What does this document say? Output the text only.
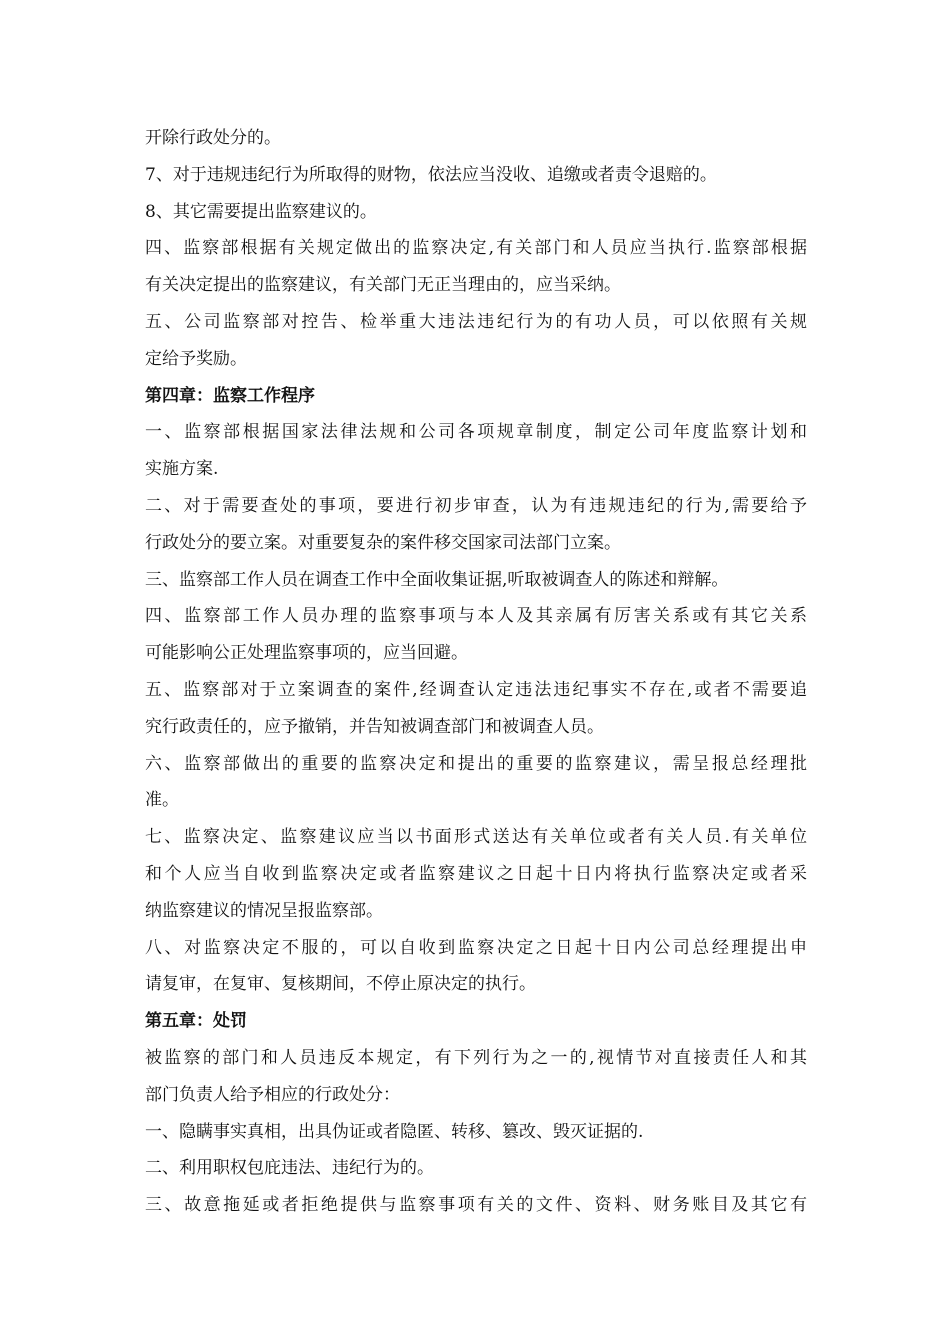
开除行政处分的。
7、对于违规违纪行为所取得的财物，依法应当没收、追缴或者责令退赔的。
8、其它需要提出监察建议的。
四、监察部根据有关规定做出的监察决定,有关部门和人员应当执行.监察部根据
有关决定提出的监察建议，有关部门无正当理由的，应当采纳。
五、公司监察部对控告、检举重大违法违纪行为的有功人员，可以依照有关规
定给予奖励。
第四章：监察工作程序
一、监察部根据国家法律法规和公司各项规章制度，制定公司年度监察计划和
实施方案.
二、对于需要查处的事项，要进行初步审查，认为有违规违纪的行为,需要给予
行政处分的要立案。对重要复杂的案件移交国家司法部门立案。
三、监察部工作人员在调查工作中全面收集证据,听取被调查人的陈述和辩解。
四、监察部工作人员办理的监察事项与本人及其亲属有厉害关系或有其它关系
可能影响公正处理监察事项的，应当回避。
五、监察部对于立案调查的案件,经调查认定违法违纪事实不存在,或者不需要追
究行政责任的，应予撤销，并告知被调查部门和被调查人员。
六、监察部做出的重要的监察决定和提出的重要的监察建议，需呈报总经理批
准。
七、监察决定、监察建议应当以书面形式送达有关单位或者有关人员.有关单位
和个人应当自收到监察决定或者监察建议之日起十日内将执行监察决定或者采
纳监察建议的情况呈报监察部。
八、对监察决定不服的，可以自收到监察决定之日起十日内公司总经理提出申
请复审，在复审、复核期间，不停止原决定的执行。
第五章：处罚
被监察的部门和人员违反本规定，有下列行为之一的,视情节对直接责任人和其
部门负责人给予相应的行政处分：
一、隐瞒事实真相，出具伪证或者隐匿、转移、篡改、毁灭证据的.
二、利用职权包庇违法、违纪行为的。
三、故意拖延或者拒绝提供与监察事项有关的文件、资料、财务账目及其它有
